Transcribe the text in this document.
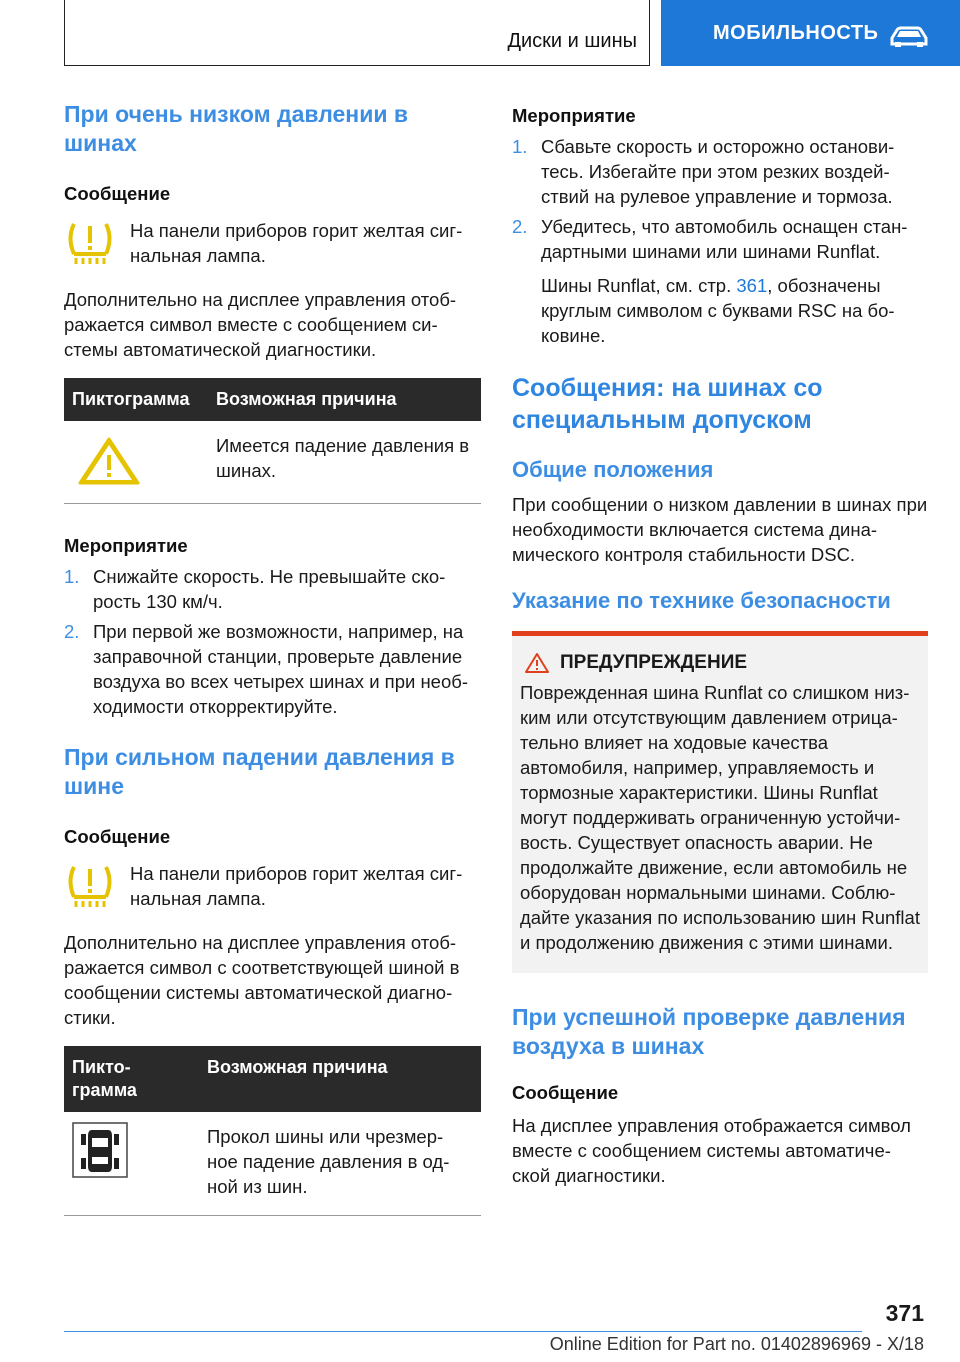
Диски и шины	МОБИЛЬНОСТЬ
При очень низком давлении в шинах
Сообщение

На панели приборов горит желтая сиг-нальная лампа.

Дополнительно на дисплее управления отоб-ражается символ вместе с сообщением си-стемы автоматической диагностики.

Пиктограмма	Возможная причина

	Имеется падение давления в шинах.
Мероприятие
1. Снижайте скорость. Не превышайте ско-рость 130 км/ч.
2. При первой же возможности, например, на заправочной станции, проверьте давление воздуха во всех четырех шинах и при необ-ходимости откорректируйте.
При сильном падении давления в шине
Сообщение

На панели приборов горит желтая сиг-нальная лампа.

Дополнительно на дисплее управления отоб-ражается символ с соответствующей шиной в сообщении системы автоматической диагно-стики.

Пикто-грамма	Возможная причина

	Прокол шины или чрезмер-ное падение давления в од-ной из шин.
Мероприятие
1. Сбавьте скорость и осторожно останови-тесь. Избегайте при этом резких воздей-ствий на рулевое управление и тормоза.
2. Убедитесь, что автомобиль оснащен стан-дартными шинами или шинами Runflat.
Шины Runflat, см. стр. 361, обозначены круглым символом с буквами RSC на бо-ковине.
Сообщения: на шинах со специальным допуском
Общие положения

При сообщении о низком давлении в шинах при необходимости включается система дина-мического контроля стабильности DSC.

Указание по технике безопасности
ПРЕДУПРЕЖДЕНИЕ

Поврежденная шина Runflat со слишком низ-ким или отсутствующим давлением отрица-тельно влияет на ходовые качества автомобиля, например, управляемость и тормозные характеристики. Шины Runflat могут поддерживать ограниченную устойчи-вость. Существует опасность аварии. Не продолжайте движение, если автомобиль не оборудован нормальными шинами. Соблю-дайте указания по использованию шин Runflat и продолжению движения с этими шинами.

При успешной проверке давления воздуха в шинах
Сообщение

На дисплее управления отображается символ вместе с сообщением системы автоматиче-ской диагностики.

371
Online Edition for Part no. 01402896969 - X/18
